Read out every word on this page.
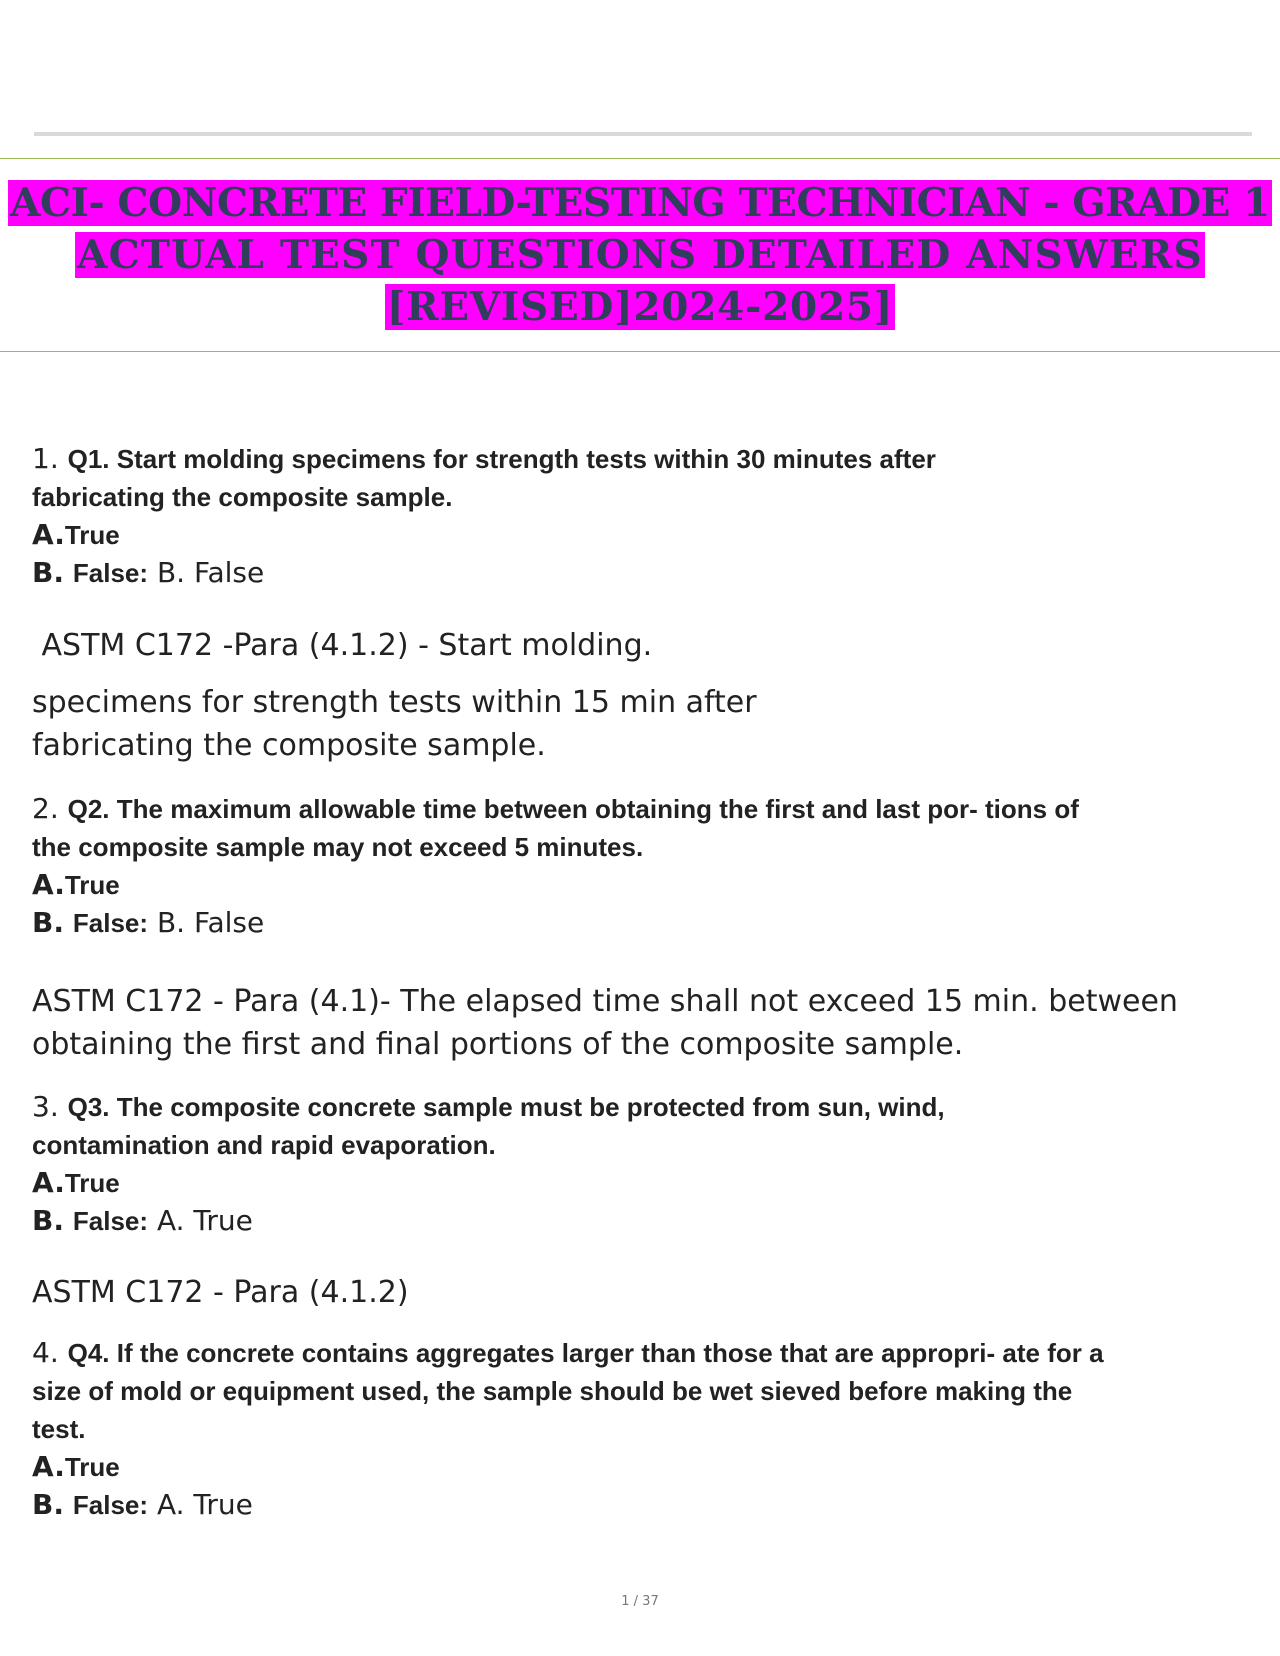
ACI- CONCRETE FIELD-TESTING TECHNICIAN - GRADE 1
ACTUAL TEST QUESTIONS DETAILED ANSWERS
[REVISED]2024-2025]
1. Q1. Start molding specimens for strength tests within 30 minutes after
fabricating the composite sample.
A.True
B. False: B. False
ASTM C172 -Para (4.1.2) - Start molding.
specimens for strength tests within 15 min after
fabricating the composite sample.
2. Q2. The maximum allowable time between obtaining the first and last por- tions of
the composite sample may not exceed 5 minutes.
A.True
B. False: B. False
ASTM C172 - Para (4.1)- The elapsed time shall not exceed 15 min. between
obtaining the first and final portions of the composite sample.
3. Q3. The composite concrete sample must be protected from sun, wind,
contamination and rapid evaporation.
A.True
B. False: A. True
ASTM C172 - Para (4.1.2)
4. Q4. If the concrete contains aggregates larger than those that are appropri- ate for a
size of mold or equipment used, the sample should be wet sieved before making the
test.
A.True
B. False: A. True
1 / 37
